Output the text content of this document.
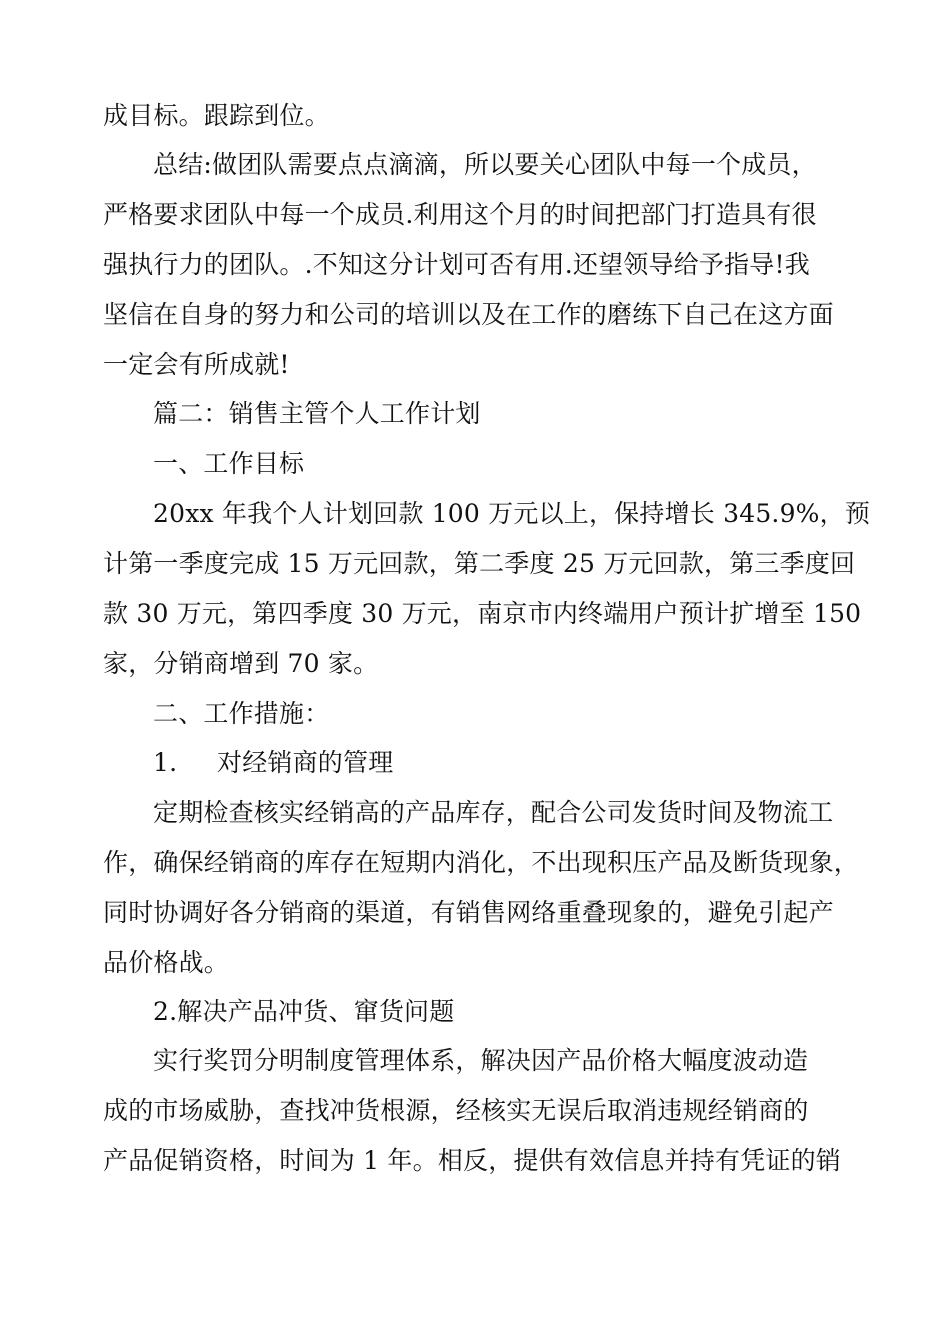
成目标。跟踪到位。
总结:做团队需要点点滴滴，所以要关心团队中每一个成员，
严格要求团队中每一个成员.利用这个月的时间把部门打造具有很
强执行力的团队。.不知这分计划可否有用.还望领导给予指导!我
坚信在自身的努力和公司的培训以及在工作的磨练下自己在这方面
一定会有所成就!
篇二：销售主管个人工作计划
一、工作目标
20xx 年我个人计划回款 100 万元以上，保持增长 345.9%，预
计第一季度完成 15 万元回款，第二季度 25 万元回款，第三季度回
款 30 万元，第四季度 30 万元，南京市内终端用户预计扩增至 150
家，分销商增到 70 家。
二、工作措施：
1. 对经销商的管理
定期检查核实经销高的产品库存，配合公司发货时间及物流工
作，确保经销商的库存在短期内消化，不出现积压产品及断货现象，
同时协调好各分销商的渠道，有销售网络重叠现象的，避免引起产
品价格战。
2.解决产品冲货、窜货问题
实行奖罚分明制度管理体系，解决因产品价格大幅度波动造
成的市场威胁，查找冲货根源，经核实无误后取消违规经销商的
产品促销资格，时间为 1 年。相反，提供有效信息并持有凭证的销
